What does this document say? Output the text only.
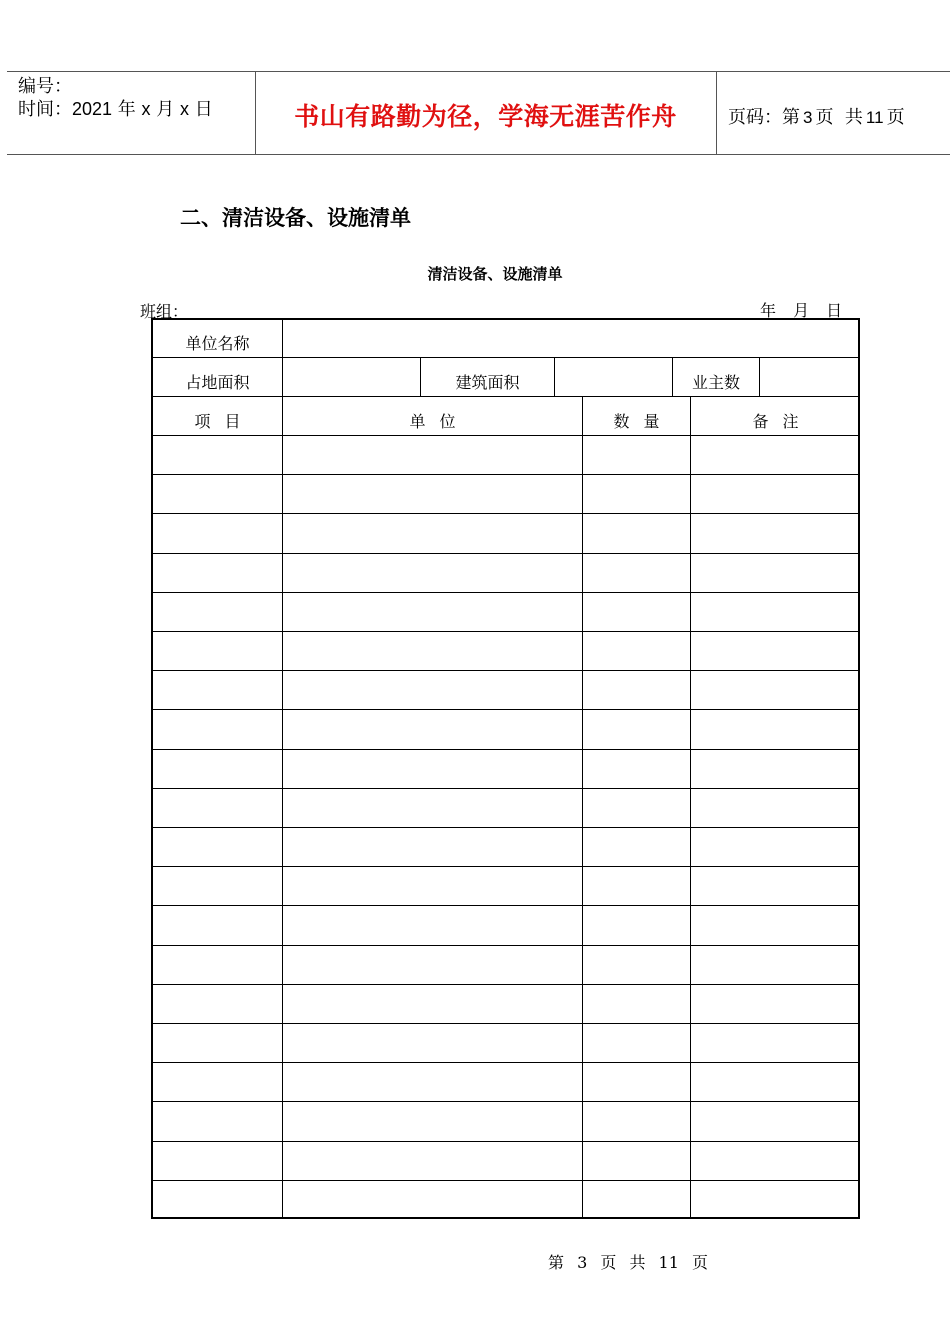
编号：
时间：2021 年 x 月 x 日	书山有路勤为径，学海无涯苦作舟	页码：第 3 页 共 11 页
二、清洁设备、设施清单
清洁设备、设施清单
班组：	年 月 日
单位名称
占地面积	建筑面积	业主数
项目	单位	数量	备注
第 3 页 共 11 页
